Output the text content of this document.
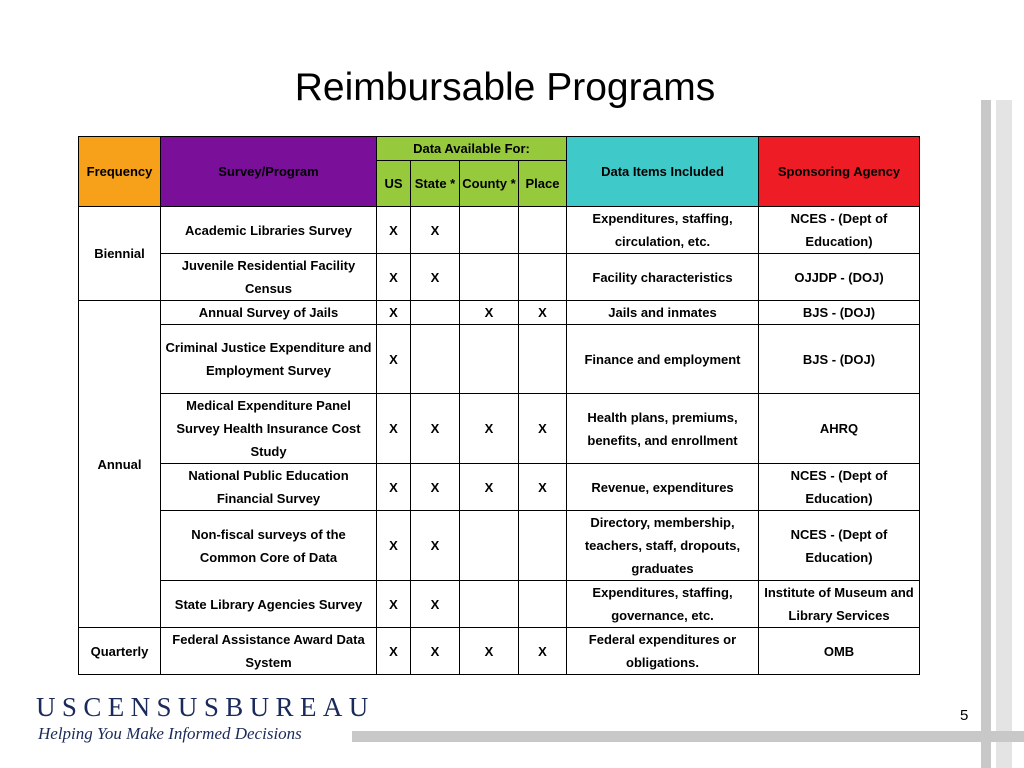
Reimbursable Programs
Frequency	Survey/Program	Data Available For:				Data Items Included	Sponsoring Agency
		US	State *	County *	Place		
Biennial	Academic Libraries Survey	X	X			Expenditures, staffing, circulation, etc.	NCES - (Dept of Education)
	Juvenile Residential Facility Census	X	X			Facility characteristics	OJJDP - (DOJ)
Annual	Annual Survey of Jails	X		X	X	Jails and inmates	BJS - (DOJ)
	Criminal Justice Expenditure and Employment Survey	X				Finance and employment	BJS - (DOJ)
	Medical Expenditure Panel Survey Health Insurance Cost Study	X	X	X	X	Health plans, premiums, benefits, and enrollment	AHRQ
	National Public Education Financial Survey	X	X	X	X	Revenue, expenditures	NCES - (Dept of Education)
	Non-fiscal surveys of the Common Core of Data	X	X			Directory, membership, teachers, staff, dropouts, graduates	NCES - (Dept of Education)
	State Library Agencies Survey	X	X			Expenditures, staffing, governance, etc.	Institute of Museum and Library Services
Quarterly	Federal Assistance Award Data System	X	X	X	X	Federal expenditures or obligations.	OMB
USCENSUSBUREAU
Helping You Make Informed Decisions
5
